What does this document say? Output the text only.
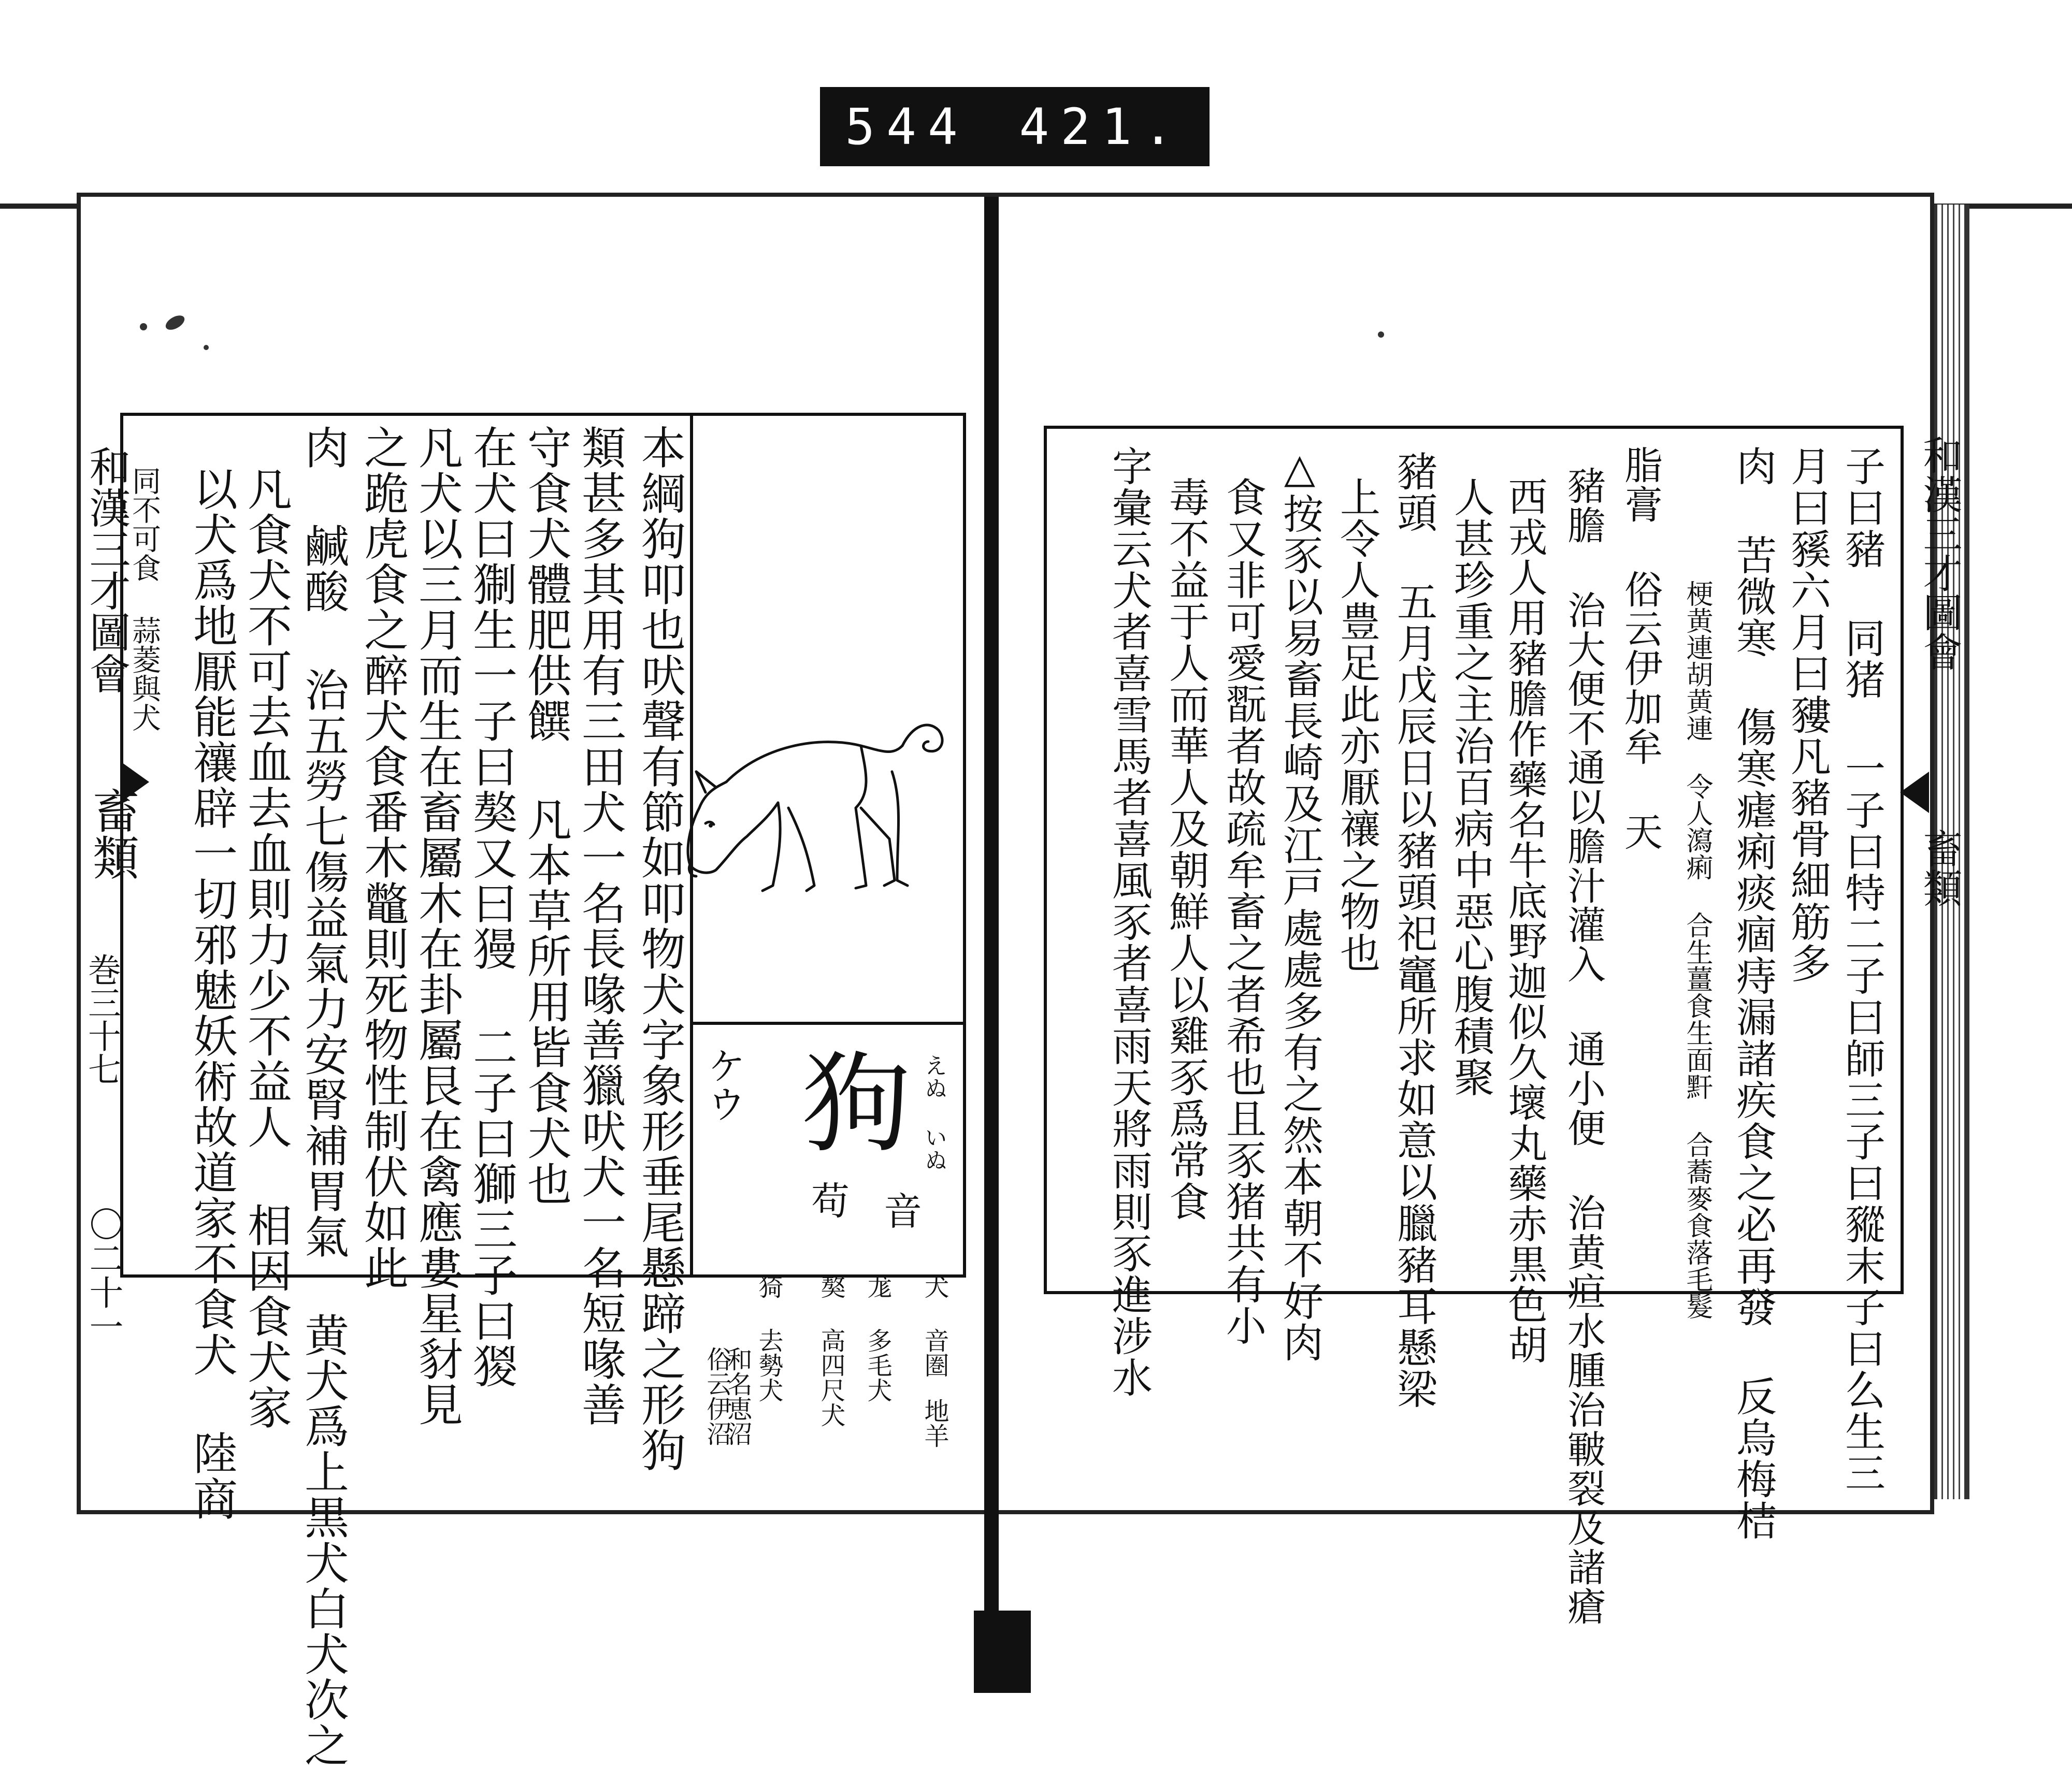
544 421.
和漢三才圖會
畜類
巻三十七
〇二十一
狗 えぬ いぬ
ケウ
音
苟
犬 音圏
地羊
尨 多毛犬
獒 高四尺犬
猗 去勢犬
和名恵沼
俗云伊沼
本綱狗叩也吠聲有節如叩物犬字象形垂尾懸蹄之形狗
類甚多其用有三田犬一名長喙善獵吠犬一名短喙善
守食犬體肥供饌 凡本草所用皆食犬也
在犬曰猘生一子曰獒又曰獌 二子曰獅三子曰猣
凡犬以三月而生在畜屬木在卦屬艮在禽應婁星豺見
之跪虎食之醉犬食番木鼈則死物性制伏如此
肉 鹹酸 治五勞七傷益氣力安腎補胃氣 黄犬爲上黒犬白犬次之
凡食犬不可去血去血則力少不益人 相因食犬家
以犬爲地厭能禳辟一切邪魅妖術故道家不食犬 陸商
同不可食 蒜菱與犬	和漢三才圖會
畜類
子曰豬 同猪 一子曰特二子曰師三子曰豵末子曰么生三
月曰豯六月曰䝏凡豬骨細筋多
肉 苦微寒 傷寒瘧痢痰痼痔漏諸疾食之必再發 反烏梅桔
梗黄連胡黄連 令人瀉痢 合生薑食生面䵟 合蕎麥食落毛髮
脂膏 俗云伊加牟 天
豬膽 治大便不通以膽汁灌入 通小便 治黄疸水腫治皸裂及諸瘡
西戎人用豬膽作藥名牛底野迦似久壞丸藥赤黒色胡
人甚珍重之主治百病中惡心腹積聚
豬頭 五月戊辰日以豬頭祀竈所求如意以臘豬耳懸梁
上令人豊足此亦厭禳之物也
△按豕以易畜長崎及江戸處處多有之然本朝不好肉
食又非可愛翫者故疏牟畜之者希也且豕猪共有小
毒不益于人而華人及朝鮮人以雞豕爲常食
字彙云犬者喜雪馬者喜風豕者喜雨天將雨則豕進涉水
